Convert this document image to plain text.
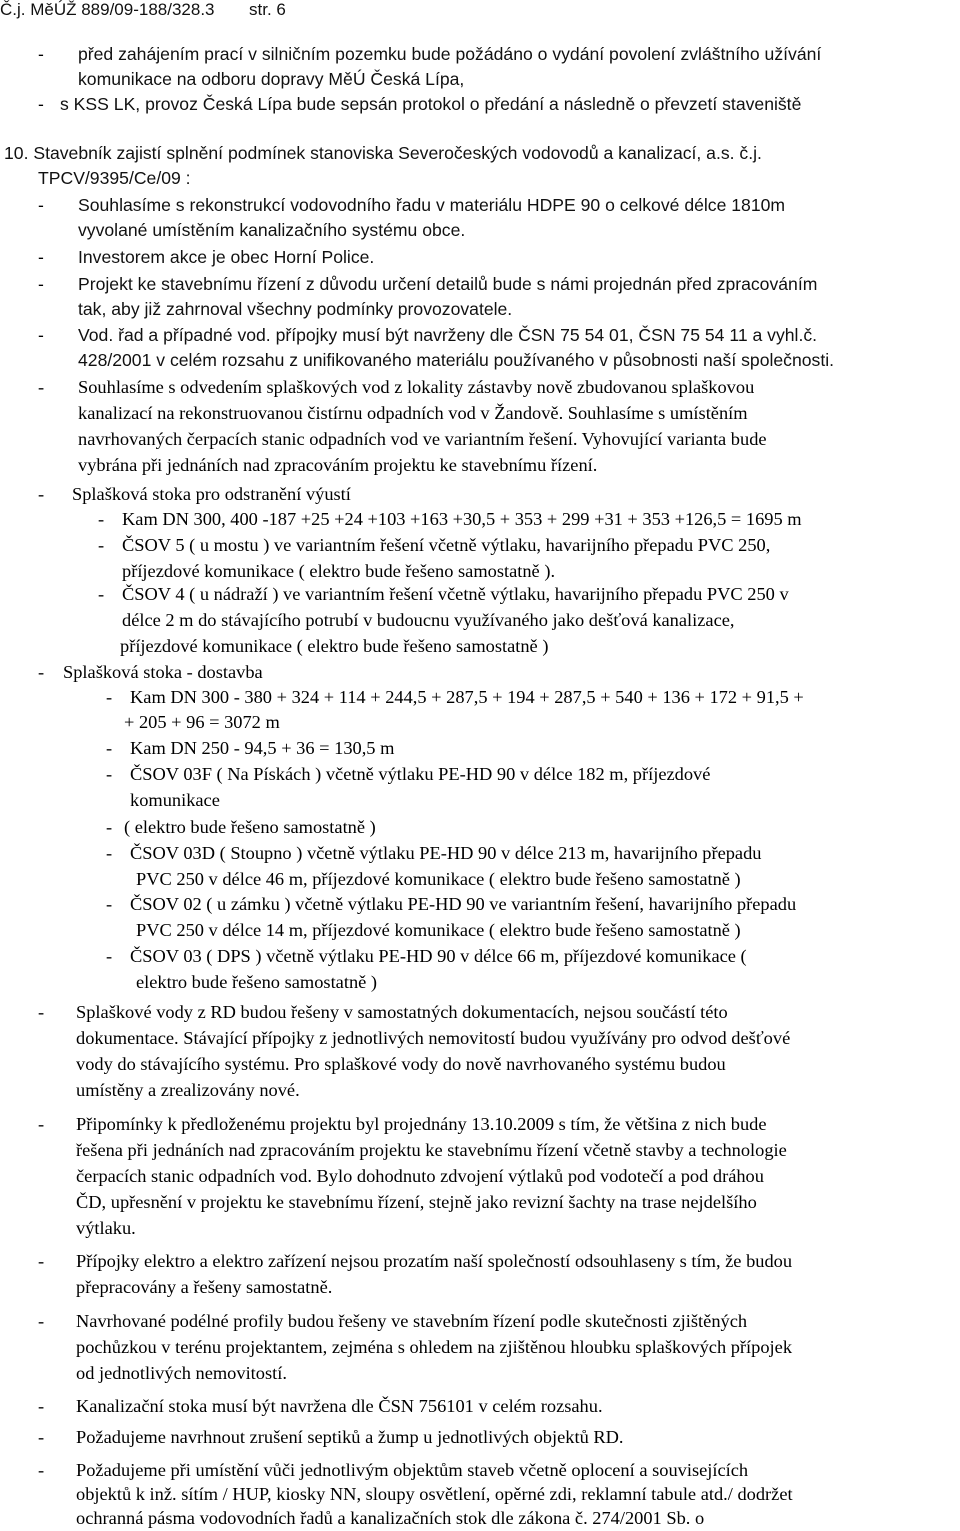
Č.j. MěÚŽ 889/09-188/328.3 str. 6
- před zahájením prací v silničním pozemku bude požádáno o vydání povolení zvláštního užívání
komunikace na odboru dopravy MěÚ Česká Lípa,
- s KSS LK, provoz Česká Lípa bude sepsán protokol o předání a následně o převzetí staveniště
10. Stavebník zajistí splnění podmínek stanoviska Severočeských vodovodů a kanalizací, a.s. č.j.
TPCV/9395/Ce/09 :
- Souhlasíme s rekonstrukcí vodovodního řadu v materiálu HDPE 90 o celkové délce 1810m
vyvolané umístěním kanalizačního systému obce.
- Investorem akce je obec Horní Police.
- Projekt ke stavebnímu řízení z důvodu určení detailů bude s námi projednán před zpracováním
tak, aby již zahrnoval všechny podmínky provozovatele.
- Vod. řad a případné vod. přípojky musí být navrženy dle ČSN 75 54 01, ČSN 75 54 11 a vyhl.č.
428/2001 v celém rozsahu z unifikovaného materiálu používaného v působnosti naší společnosti.
- Souhlasíme s odvedením splaškových vod z lokality zástavby nově zbudovanou splaškovou
kanalizací na rekonstruovanou čistírnu odpadních vod v Žandově. Souhlasíme s umístěním
navrhovaných čerpacích stanic odpadních vod ve variantním řešení. Vyhovující varianta bude
vybrána při jednáních nad zpracováním projektu ke stavebnímu řízení.
- Splašková stoka pro odstranění výustí
- Kam DN 300, 400 -187 +25 +24 +103 +163 +30,5 + 353 + 299 +31 + 353 +126,5 = 1695 m
- ČSOV 5 ( u mostu ) ve variantním řešení včetně výtlaku, havarijního přepadu PVC 250,
příjezdové komunikace ( elektro bude řešeno samostatně ).
- ČSOV 4 ( u nádraží ) ve variantním řešení včetně výtlaku, havarijního přepadu PVC 250 v
délce 2 m do stávajícího potrubí v budoucnu využívaného jako dešťová kanalizace,
příjezdové komunikace ( elektro bude řešeno samostatně )
- Splašková stoka - dostavba
- Kam DN 300 - 380 + 324 + 114 + 244,5 + 287,5 + 194 + 287,5 + 540 + 136 + 172 + 91,5 +
+ 205 + 96 = 3072 m
- Kam DN 250 - 94,5 + 36 = 130,5 m
- ČSOV 03F ( Na Pískách ) včetně výtlaku PE-HD 90 v délce 182 m, příjezdové
komunikace
- ( elektro bude řešeno samostatně )
- ČSOV 03D ( Stoupno ) včetně výtlaku PE-HD 90 v délce 213 m, havarijního přepadu
PVC 250 v délce 46 m, příjezdové komunikace ( elektro bude řešeno samostatně )
- ČSOV 02 ( u zámku ) včetně výtlaku PE-HD 90 ve variantním řešení, havarijního přepadu
PVC 250 v délce 14 m, příjezdové komunikace ( elektro bude řešeno samostatně )
- ČSOV 03 ( DPS ) včetně výtlaku PE-HD 90 v délce 66 m, příjezdové komunikace (
elektro bude řešeno samostatně )
- Splaškové vody z RD budou řešeny v samostatných dokumentacích, nejsou součástí této
dokumentace. Stávající přípojky z jednotlivých nemovitostí budou využívány pro odvod dešťové
vody do stávajícího systému. Pro splaškové vody do nově navrhovaného systému budou
umístěny a zrealizovány nové.
- Připomínky k předloženému projektu byl projednány 13.10.2009 s tím, že většina z nich bude
řešena při jednáních nad zpracováním projektu ke stavebnímu řízení včetně stavby a technologie
čerpacích stanic odpadních vod. Bylo dohodnuto zdvojení výtlaků pod vodotečí a pod dráhou
ČD, upřesnění v projektu ke stavebnímu řízení, stejně jako revizní šachty na trase nejdelšího
výtlaku.
- Přípojky elektro a elektro zařízení nejsou prozatím naší společností odsouhlaseny s tím, že budou
přepracovány a řešeny samostatně.
- Navrhované podélné profily budou řešeny ve stavebním řízení podle skutečnosti zjištěných
pochůzkou v terénu projektantem, zejména s ohledem na zjištěnou hloubku splaškových přípojek
od jednotlivých nemovitostí.
- Kanalizační stoka musí být navržena dle ČSN 756101 v celém rozsahu.
- Požadujeme navrhnout zrušení septiků a žump u jednotlivých objektů RD.
- Požadujeme při umístění vůči jednotlivým objektům staveb včetně oplocení a souvisejících
objektů k inž. sítím / HUP, kiosky NN, sloupy osvětlení, opěrné zdi, reklamní tabule atd./ dodržet
ochranná pásma vodovodních řadů a kanalizačních stok dle zákona č. 274/2001 Sb. o
